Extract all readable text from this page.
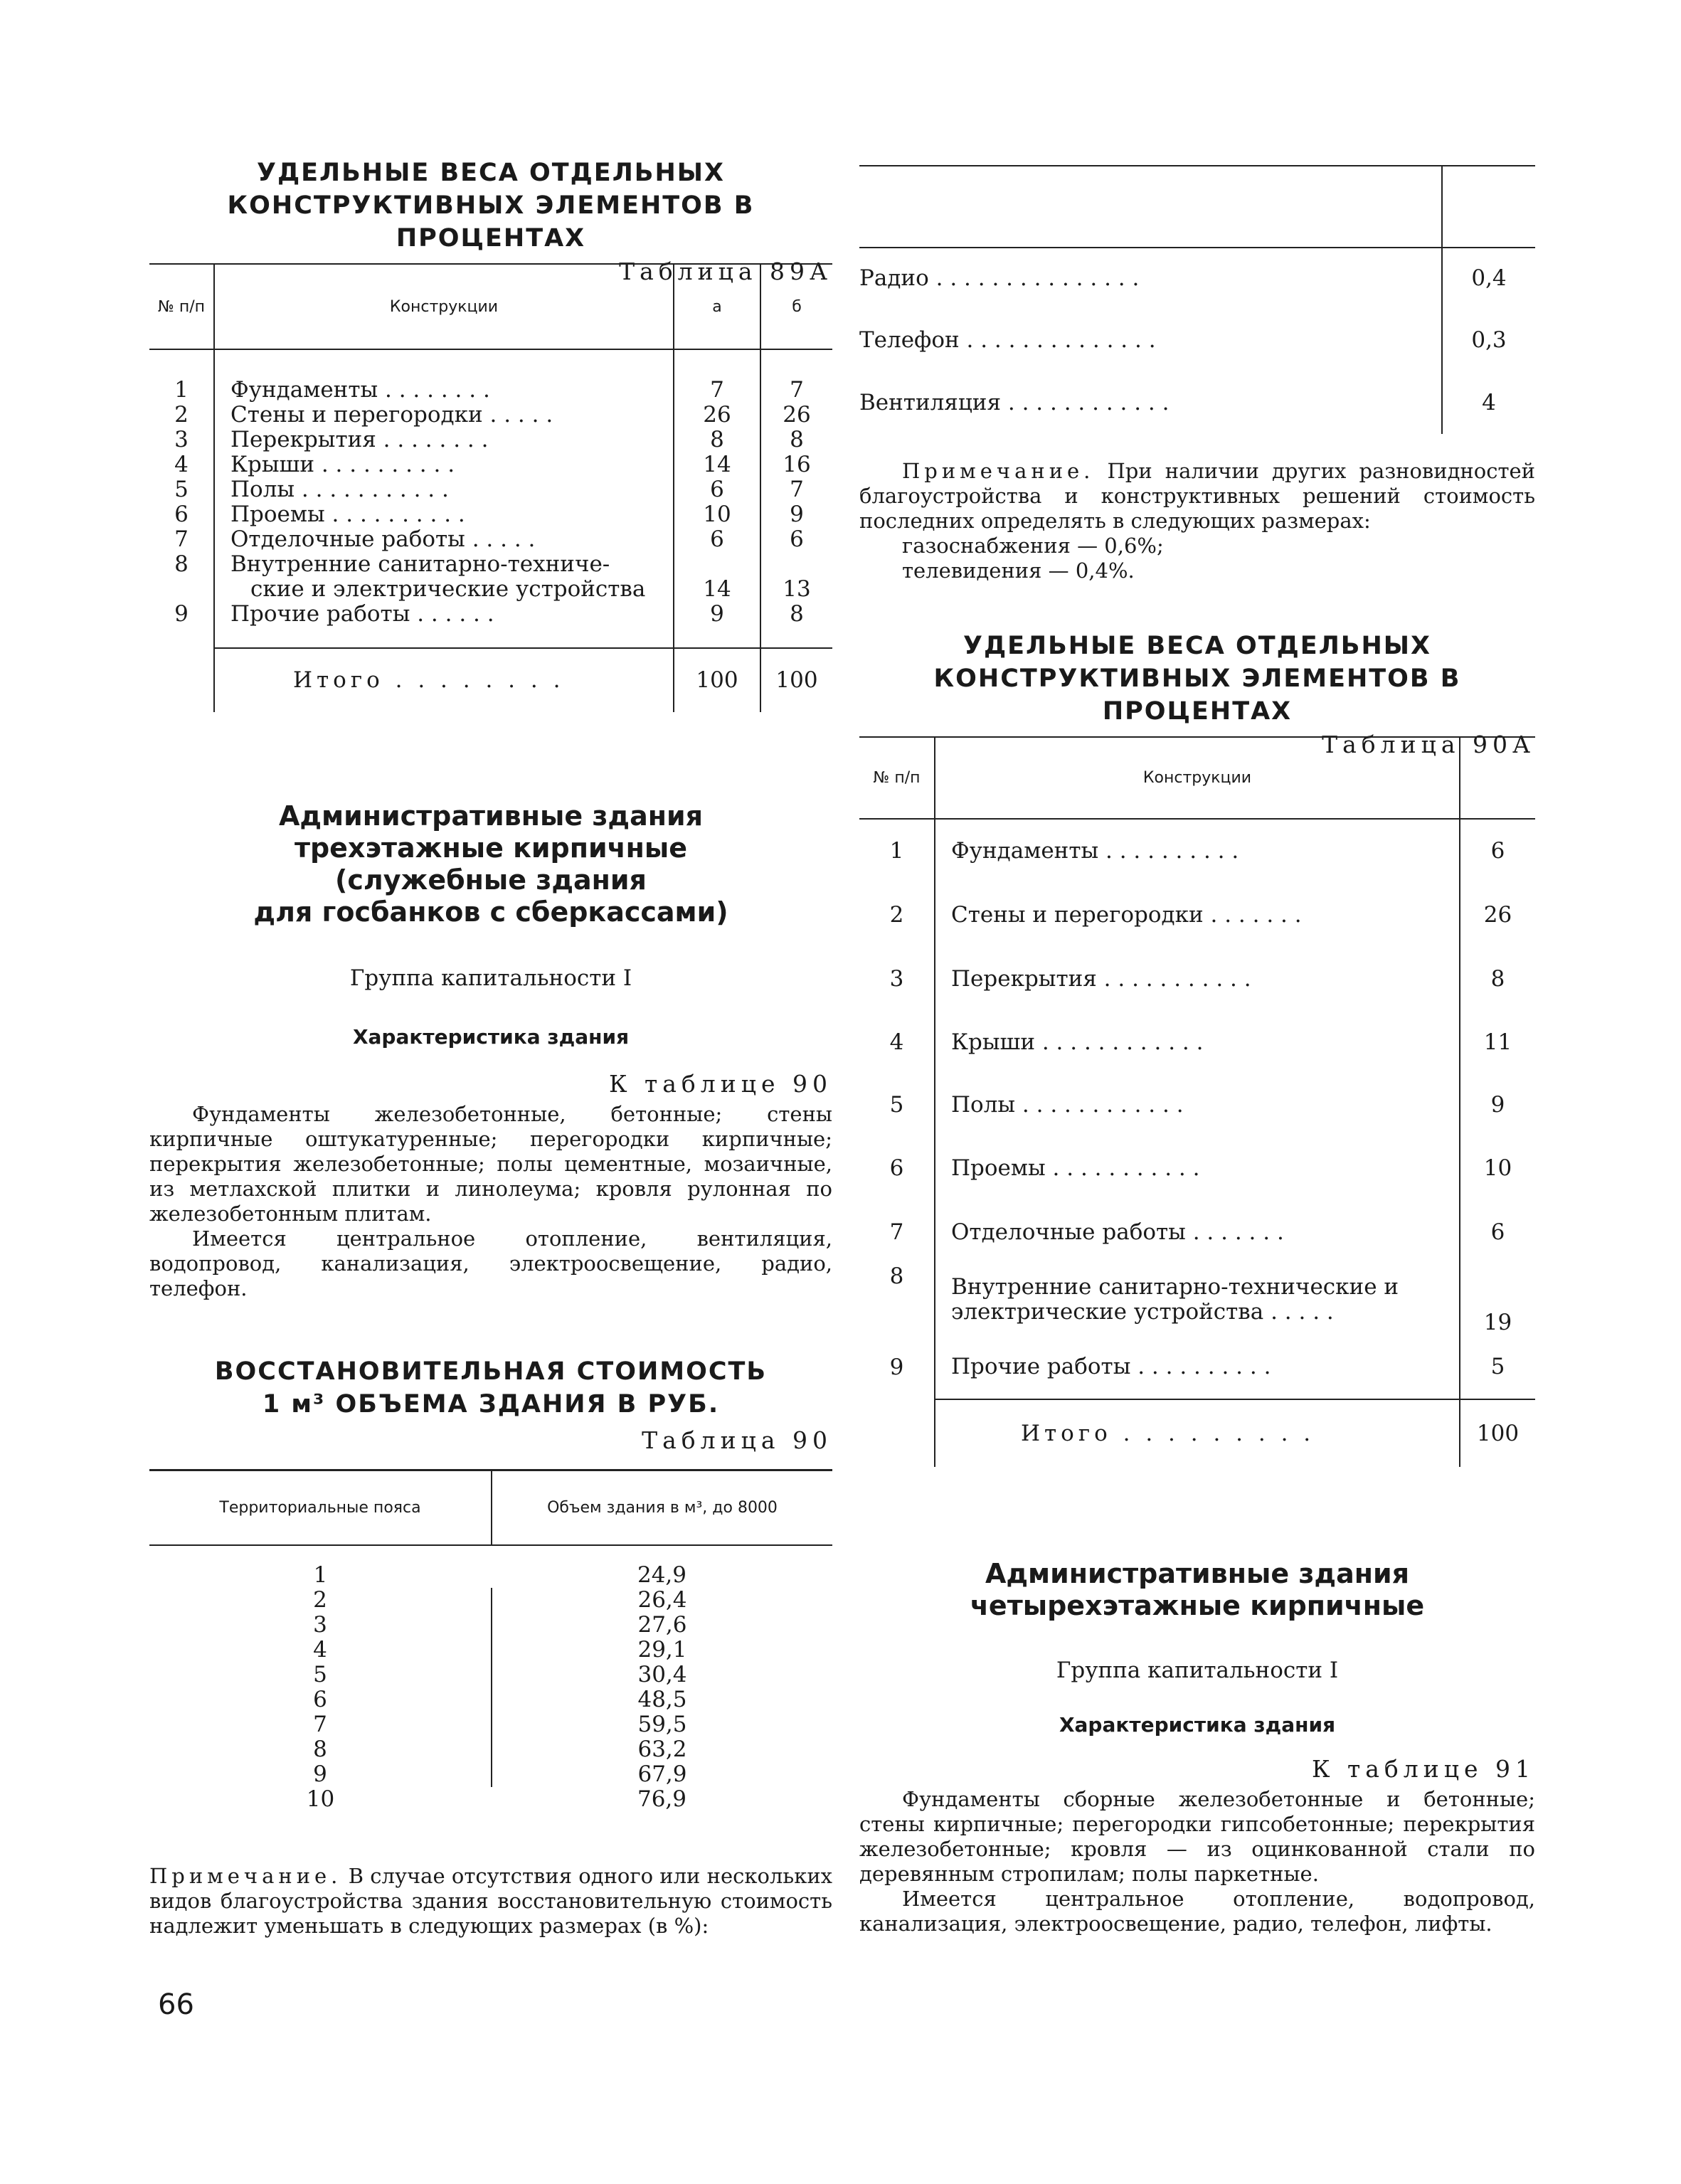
УДЕЛЬНЫЕ ВЕСА ОТДЕЛЬНЫХ

КОНСТРУКТИВНЫХ ЭЛЕМЕНТОВ В ПРОЦЕНТАХ

Таблица 89А

№ п/п	Конструкции	а	б

1	Фундаменты . . . . . . . .	7	7
2	Стены и перегородки . . . . .	26	26
3	Перекрытия . . . . . . . .	8	8
4	Крыши . . . . . . . . . .	14	16
5	Полы . . . . . . . . . . .	6	7
6	Проемы . . . . . . . . . .	10	9
7	Отделочные работы . . . . .	6	6
8	Внутренние санитарно-техниче-		
	ские и электрические устройства	14	13
9	Прочие работы . . . . . .	9	8

	Итого . . . . . . . .	100	100

Административные здания

трехэтажные кирпичные

(служебные здания

для госбанков с сберкассами)

Группа капитальности I

Характеристика здания

К таблице 90

Фундаменты железобетонные, бетонные; стены кирпичные оштукатуренные; перегородки кирпичные; перекрытия железобетонные; полы цементные, мозаичные, из метлахской плитки и линолеума; кровля рулонная по железобетонным плитам.

Имеется центральное отопление, вентиляция, водопровод, канализация, электроосвещение, радио, телефон.

ВОССТАНОВИТЕЛЬНАЯ СТОИМОСТЬ

1 м³ ОБЪЕМА ЗДАНИЯ В РУБ.

Таблица 90

Территориальные пояса	Объем здания в м³, до 8000

1	24,9
2	26,4
3	27,6
4	29,1
5	30,4
6	48,5
7	59,5
8	63,2
9	67,9
10	76,9

Примечание. В случае отсутствия одного или нескольких видов благоустройства здания восстановительную стоимость надлежит уменьшать в следующих размерах (в %):

66

Радио . . . . . . . . . . . . . . .	0,4
Телефон . . . . . . . . . . . . . .	0,3
Вентиляция . . . . . . . . . . . .	4

Примечание. При наличии других разновидностей благоустройства и конструктивных решений стоимость последних определять в следующих размерах:

газоснабжения — 0,6%;

телевидения — 0,4%.

УДЕЛЬНЫЕ ВЕСА ОТДЕЛЬНЫХ

КОНСТРУКТИВНЫХ ЭЛЕМЕНТОВ В ПРОЦЕНТАХ

Таблица 90А

№ п/п	Конструкции	
1	Фундаменты . . . . . . . . . .	6
2	Стены и перегородки . . . . . . .	26
3	Перекрытия . . . . . . . . . . .	8
4	Крыши . . . . . . . . . . . .	11
5	Полы . . . . . . . . . . . .	9
6	Проемы . . . . . . . . . . .	10
7	Отделочные работы . . . . . . .	6
8	Внутренние санитарно-технические и электрические устройства . . . . .	19
9	Прочие работы . . . . . . . . . .	5
	Итого . . . . . . . . .	100

Административные здания

четырехэтажные кирпичные

Группа капитальности I

Характеристика здания

К таблице 91

Фундаменты сборные железобетонные и бетонные; стены кирпичные; перегородки гипсобетонные; перекрытия железобетонные; кровля — из оцинкованной стали по деревянным стропилам; полы паркетные.

Имеется центральное отопление, водопровод, канализация, электроосвещение, радио, телефон, лифты.
